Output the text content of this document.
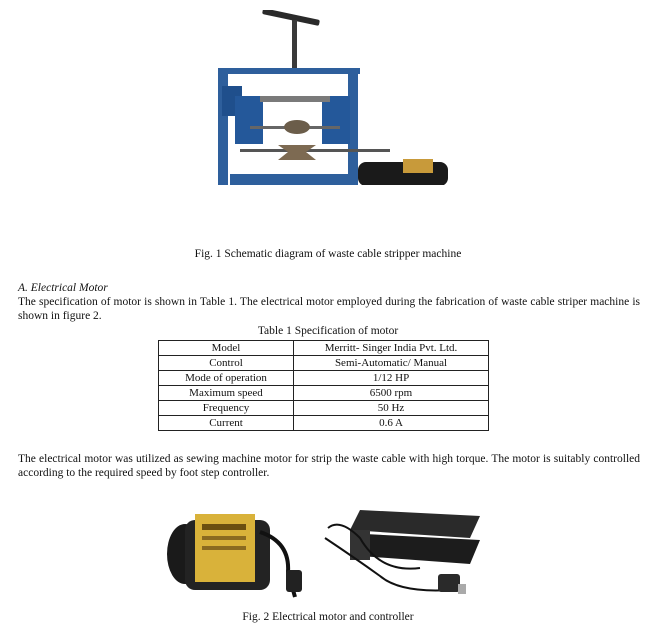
Fig. 1 Schematic diagram of waste cable stripper machine
A. Electrical Motor
The specification of motor is shown in Table 1. The electrical motor employed during the fabrication of waste cable striper machine is shown in figure 2.
Table 1 Specification of motor
Model	Merritt- Singer India Pvt. Ltd.
Control	Semi-Automatic/ Manual
Mode of operation	1/12 HP
Maximum speed	6500 rpm
Frequency	50 Hz
Current	0.6 A
The electrical motor was utilized as sewing machine motor for strip the waste cable with high torque. The motor is suitably controlled according to the required speed by foot step controller.
Fig. 2 Electrical motor and controller
